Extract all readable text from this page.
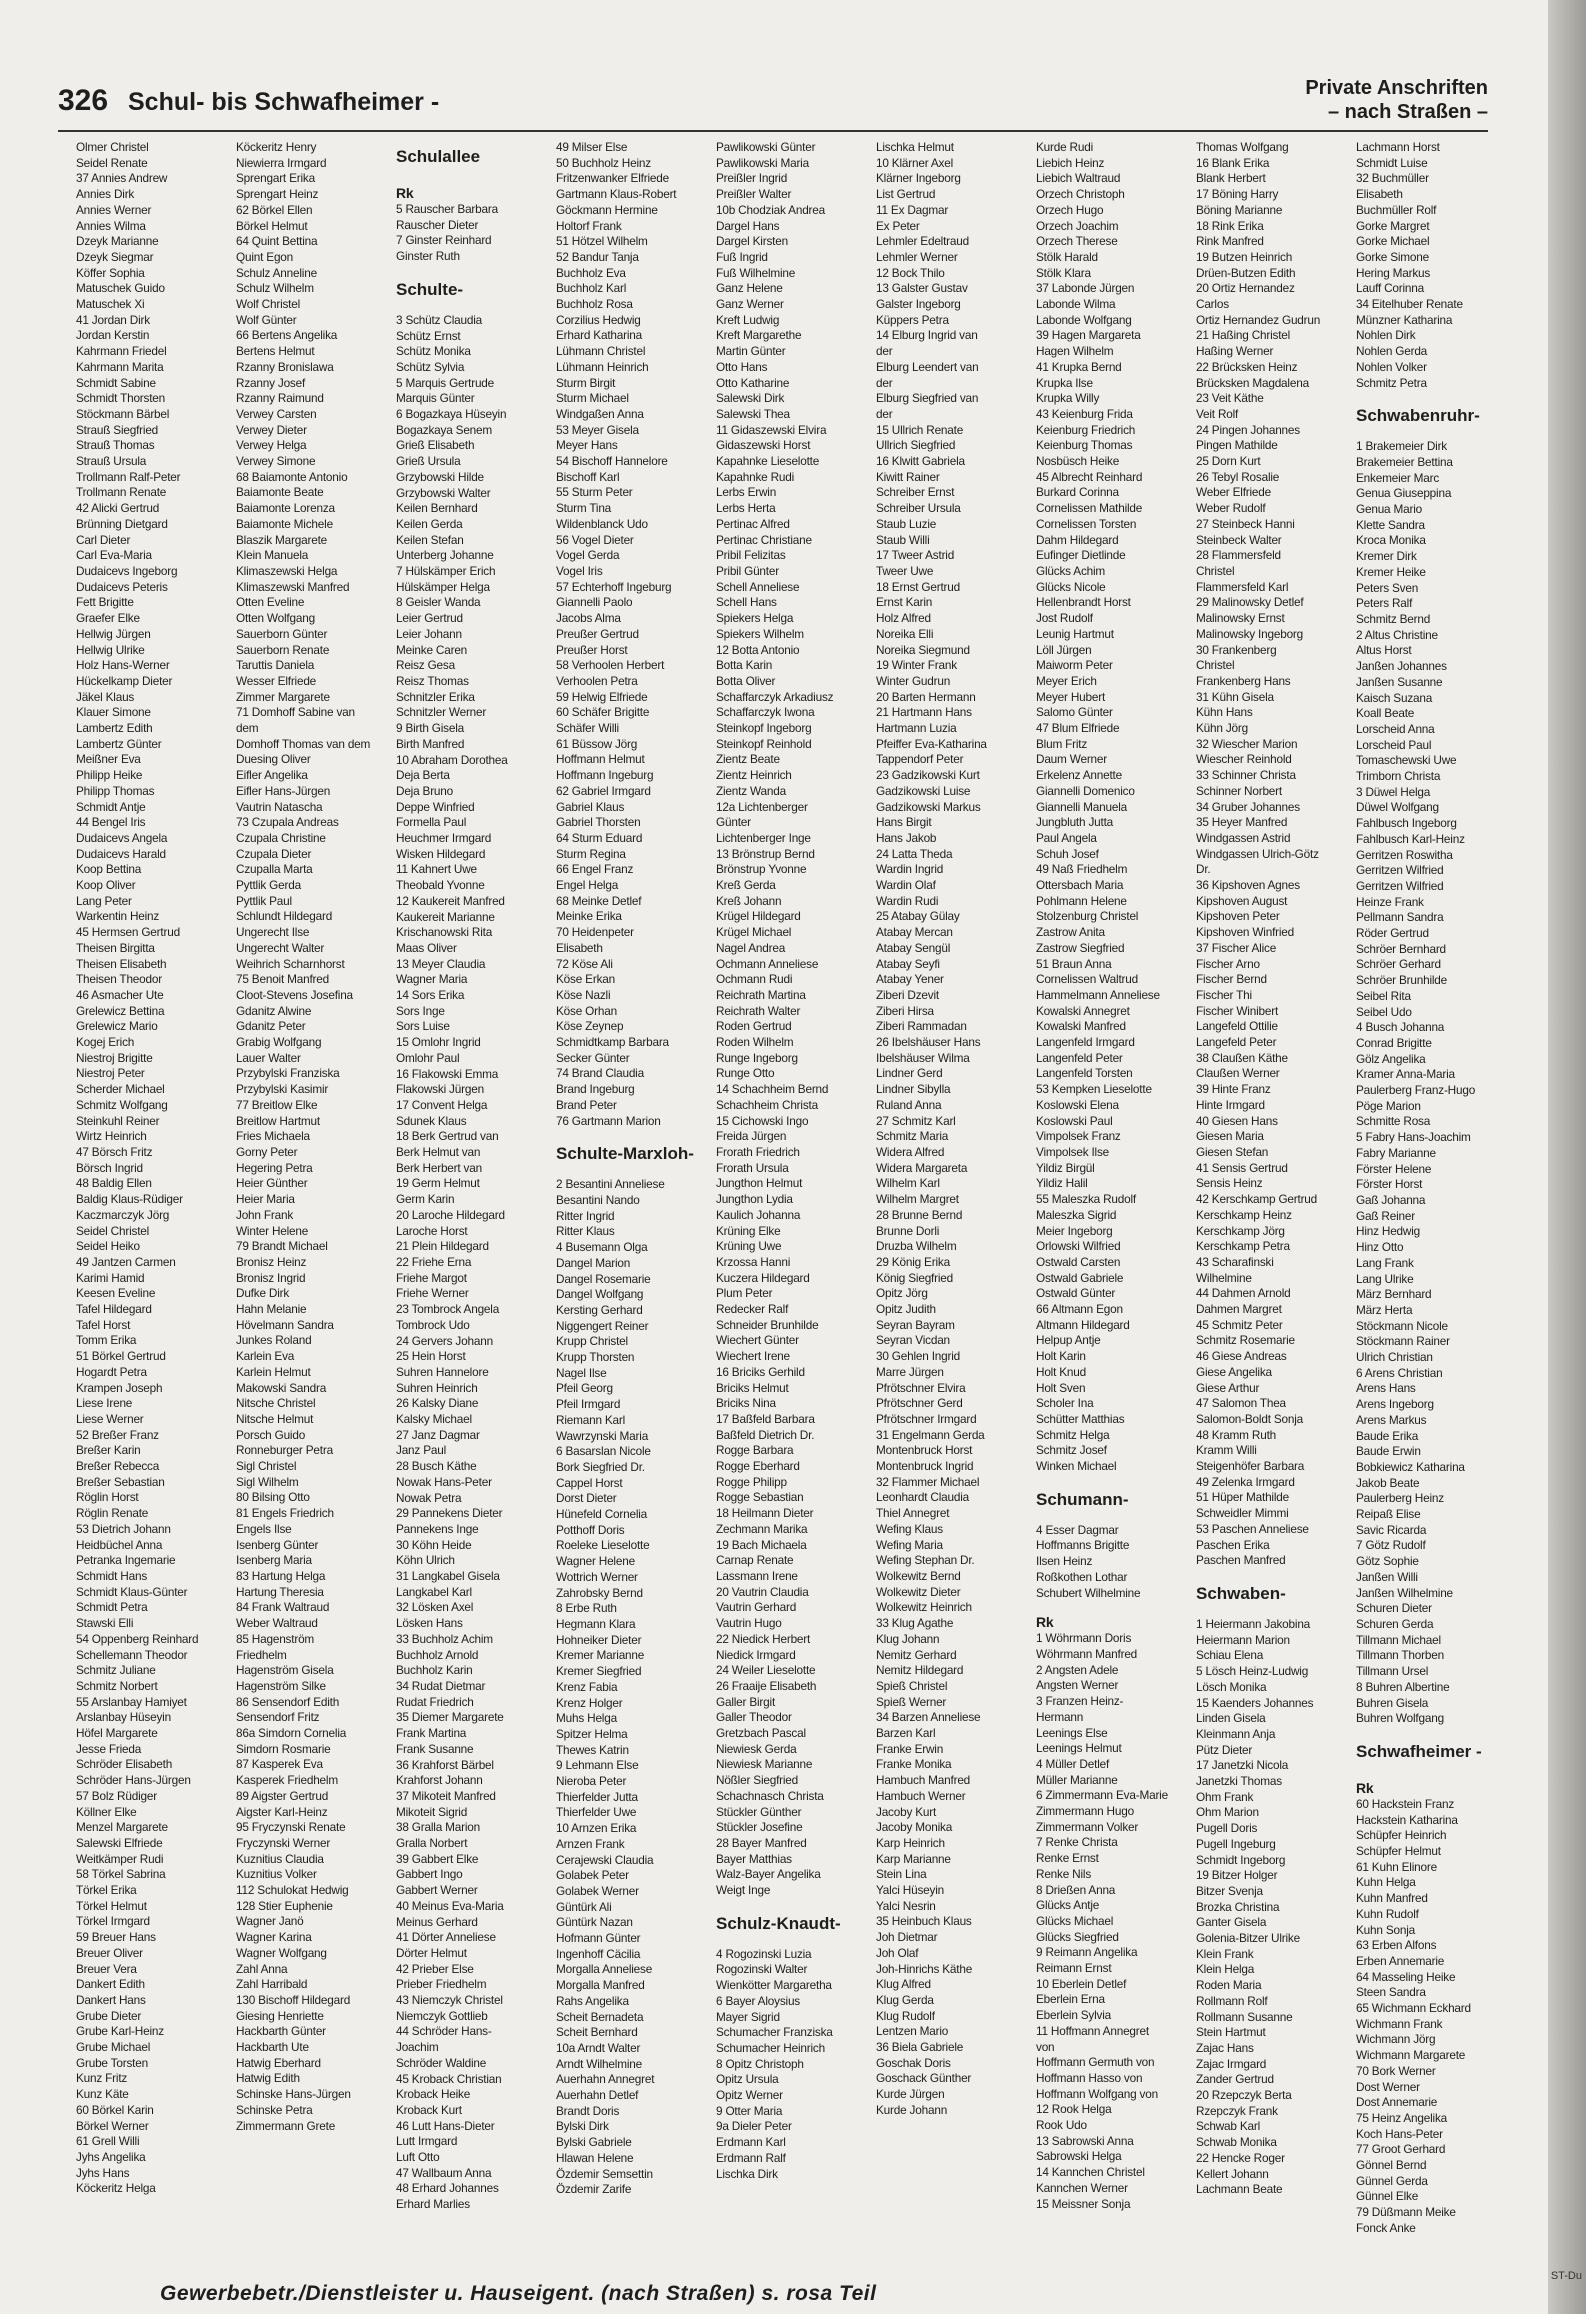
326 Schul- bis Schwafheimer -	Private Anschriften
– nach Straßen –
Olmer Christel
Seidel Renate
37 Annies Andrew
Annies Dirk
Annies Werner
Annies Wilma
Dzeyk Marianne
Dzeyk Siegmar
Köffer Sophia
Matuschek Guido
Matuschek Xi
41 Jordan Dirk
Jordan Kerstin
Kahrmann Friedel
Kahrmann Marita
Schmidt Sabine
Schmidt Thorsten
Stöckmann Bärbel
Strauß Siegfried
Strauß Thomas
Strauß Ursula
Trollmann Ralf-Peter
Trollmann Renate
42 Alicki Gertrud
Brünning Dietgard
Carl Dieter
Carl Eva-Maria
Dudaicevs Ingeborg
Dudaicevs Peteris
Fett Brigitte
Graefer Elke
Hellwig Jürgen
Hellwig Ulrike
Holz Hans-Werner
Hückelkamp Dieter
Jäkel Klaus
Klauer Simone
Lambertz Edith
Lambertz Günter
Meißner Eva
Philipp Heike
Philipp Thomas
Schmidt Antje
44 Bengel Iris
Dudaicevs Angela
Dudaicevs Harald
Koop Bettina
Koop Oliver
Lang Peter
Warkentin Heinz
45 Hermsen Gertrud
Theisen Birgitta
Theisen Elisabeth
Theisen Theodor
46 Asmacher Ute
Grelewicz Bettina
Grelewicz Mario
Kogej Erich
Niestroj Brigitte
Niestroj Peter
Scherder Michael
Schmitz Wolfgang
Steinkuhl Reiner
Wirtz Heinrich
47 Börsch Fritz
Börsch Ingrid
48 Baldig Ellen
Baldig Klaus-Rüdiger
Kaczmarczyk Jörg
Seidel Christel
Seidel Heiko
49 Jantzen Carmen
Karimi Hamid
Keesen Eveline
Tafel Hildegard
Tafel Horst
Tomm Erika
51 Börkel Gertrud
Hogardt Petra
Krampen Joseph
Liese Irene
Liese Werner
52 Breßer Franz
Breßer Karin
Breßer Rebecca
Breßer Sebastian
Röglin Horst
Röglin Renate
53 Dietrich Johann
Heidbüchel Anna
Petranka Ingemarie
Schmidt Hans
Schmidt Klaus-Günter
Schmidt Petra
Stawski Elli
54 Oppenberg Reinhard
Schellemann Theodor
Schmitz Juliane
Schmitz Norbert
55 Arslanbay Hamiyet
Arslanbay Hüseyin
Höfel Margarete
Jesse Frieda
Schröder Elisabeth
Schröder Hans-Jürgen
57 Bolz Rüdiger
Köllner Elke
Menzel Margarete
Salewski Elfriede
Weitkämper Rudi
58 Törkel Sabrina
Törkel Erika
Törkel Helmut
Törkel Irmgard
59 Breuer Hans
Breuer Oliver
Breuer Vera
Dankert Edith
Dankert Hans
Grube Dieter
Grube Karl-Heinz
Grube Michael
Grube Torsten
Kunz Fritz
Kunz Käte
60 Börkel Karin
Börkel Werner
61 Grell Willi
Jyhs Angelika
Jyhs Hans
Köckeritz Helga
Köckeritz Henry
Niewierra Irmgard
Sprengart Erika
Sprengart Heinz
62 Börkel Ellen
Börkel Helmut
64 Quint Bettina
Quint Egon
Schulz Anneline
Schulz Wilhelm
Wolf Christel
Wolf Günter
66 Bertens Angelika
Bertens Helmut
Rzanny Bronislawa
Rzanny Josef
Rzanny Raimund
Verwey Carsten
Verwey Dieter
Verwey Helga
Verwey Simone
68 Baiamonte Antonio
Baiamonte Beate
Baiamonte Lorenza
Baiamonte Michele
Blaszik Margarete
Klein Manuela
Klimaszewski Helga
Klimaszewski Manfred
Otten Eveline
Otten Wolfgang
Sauerborn Günter
Sauerborn Renate
Taruttis Daniela
Wesser Elfriede
Zimmer Margarete
71 Domhoff Sabine van
dem
Domhoff Thomas van dem
Duesing Oliver
Eifler Angelika
Eifler Hans-Jürgen
Vautrin Natascha
73 Czupala Andreas
Czupala Christine
Czupala Dieter
Czupalla Marta
Pyttlik Gerda
Pyttlik Paul
Schlundt Hildegard
Ungerecht Ilse
Ungerecht Walter
Weihrich Scharnhorst
75 Benoit Manfred
Cloot-Stevens Josefina
Gdanitz Alwine
Gdanitz Peter
Grabig Wolfgang
Lauer Walter
Przybylski Franziska
Przybylski Kasimir
77 Breitlow Elke
Breitlow Hartmut
Fries Michaela
Gorny Peter
Hegering Petra
Heier Günther
Heier Maria
John Frank
Winter Helene
79 Brandt Michael
Bronisz Heinz
Bronisz Ingrid
Dufke Dirk
Hahn Melanie
Hövelmann Sandra
Junkes Roland
Karlein Eva
Karlein Helmut
Makowski Sandra
Nitsche Christel
Nitsche Helmut
Porsch Guido
Ronneburger Petra
Sigl Christel
Sigl Wilhelm
80 Bilsing Otto
81 Engels Friedrich
Engels Ilse
Isenberg Günter
Isenberg Maria
83 Hartung Helga
Hartung Theresia
84 Frank Waltraud
Weber Waltraud
85 Hagenström
Friedhelm
Hagenström Gisela
Hagenström Silke
86 Sensendorf Edith
Sensendorf Fritz
86a Simdorn Cornelia
Simdorn Rosmarie
87 Kasperek Eva
Kasperek Friedhelm
89 Aigster Gertrud
Aigster Karl-Heinz
95 Fryczynski Renate
Fryczynski Werner
Kuznitius Claudia
Kuznitius Volker
112 Schulokat Hedwig
128 Stier Euphenie
Wagner Janö
Wagner Karina
Wagner Wolfgang
Zahl Anna
Zahl Harribald
130 Bischoff Hildegard
Giesing Henriette
Hackbarth Günter
Hackbarth Ute
Hatwig Eberhard
Hatwig Edith
Schinske Hans-Jürgen
Schinske Petra
Zimmermann Grete
Schulallee
Rk
5 Rauscher Barbara
Rauscher Dieter
7 Ginster Reinhard
Ginster Ruth
Schulte-
3 Schütz Claudia
Schütz Ernst
Schütz Monika
Schütz Sylvia
5 Marquis Gertrude
Marquis Günter
6 Bogazkaya Hüseyin
Bogazkaya Senem
Grieß Elisabeth
Grieß Ursula
Grzybowski Hilde
Grzybowski Walter
Keilen Bernhard
Keilen Gerda
Keilen Stefan
Unterberg Johanne
7 Hülskämper Erich
Hülskämper Helga
8 Geisler Wanda
Leier Gertrud
Leier Johann
Meinke Caren
Reisz Gesa
Reisz Thomas
Schnitzler Erika
Schnitzler Werner
9 Birth Gisela
Birth Manfred
10 Abraham Dorothea
Deja Berta
Deja Bruno
Deppe Winfried
Formella Paul
Heuchmer Irmgard
Wisken Hildegard
11 Kahnert Uwe
Theobald Yvonne
12 Kaukereit Manfred
Kaukereit Marianne
Krischanowski Rita
Maas Oliver
13 Meyer Claudia
Wagner Maria
14 Sors Erika
Sors Inge
Sors Luise
15 Omlohr Ingrid
Omlohr Paul
16 Flakowski Emma
Flakowski Jürgen
17 Convent Helga
Sdunek Klaus
18 Berk Gertrud van
Berk Helmut van
Berk Herbert van
19 Germ Helmut
Germ Karin
20 Laroche Hildegard
Laroche Horst
21 Plein Hildegard
22 Friehe Erna
Friehe Margot
Friehe Werner
23 Tombrock Angela
Tombrock Udo
24 Gervers Johann
25 Hein Horst
Suhren Hannelore
Suhren Heinrich
26 Kalsky Diane
Kalsky Michael
27 Janz Dagmar
Janz Paul
28 Busch Käthe
Nowak Hans-Peter
Nowak Petra
29 Pannekens Dieter
Pannekens Inge
30 Köhn Heide
Köhn Ulrich
31 Langkabel Gisela
Langkabel Karl
32 Lösken Axel
Lösken Hans
33 Buchholz Achim
Buchholz Arnold
Buchholz Karin
34 Rudat Dietmar
Rudat Friedrich
35 Diemer Margarete
Frank Martina
Frank Susanne
36 Krahforst Bärbel
Krahforst Johann
37 Mikoteit Manfred
Mikoteit Sigrid
38 Gralla Marion
Gralla Norbert
39 Gabbert Elke
Gabbert Ingo
Gabbert Werner
40 Meinus Eva-Maria
Meinus Gerhard
41 Dörter Anneliese
Dörter Helmut
42 Prieber Else
Prieber Friedhelm
43 Niemczyk Christel
Niemczyk Gottlieb
44 Schröder Hans-
Joachim
Schröder Waldine
45 Kroback Christian
Kroback Heike
Kroback Kurt
46 Lutt Hans-Dieter
Lutt Irmgard
Luft Otto
47 Wallbaum Anna
48 Erhard Johannes
Erhard Marlies
49 Milser Else
50 Buchholz Heinz
Fritzenwanker Elfriede
Gartmann Klaus-Robert
Göckmann Hermine
Holtorf Frank
51 Hötzel Wilhelm
52 Bandur Tanja
Buchholz Eva
Buchholz Karl
Buchholz Rosa
Corzilius Hedwig
Erhard Katharina
Lühmann Christel
Lühmann Heinrich
Sturm Birgit
Sturm Michael
Windgaßen Anna
53 Meyer Gisela
Meyer Hans
54 Bischoff Hannelore
Bischoff Karl
55 Sturm Peter
Sturm Tina
Wildenblanck Udo
56 Vogel Dieter
Vogel Gerda
Vogel Iris
57 Echterhoff Ingeburg
Giannelli Paolo
Jacobs Alma
Preußer Gertrud
Preußer Horst
58 Verhoolen Herbert
Verhoolen Petra
59 Helwig Elfriede
60 Schäfer Brigitte
Schäfer Willi
61 Büssow Jörg
Hoffmann Helmut
Hoffmann Ingeburg
62 Gabriel Irmgard
Gabriel Klaus
Gabriel Thorsten
64 Sturm Eduard
Sturm Regina
66 Engel Franz
Engel Helga
68 Meinke Detlef
Meinke Erika
70 Heidenpeter
Elisabeth
72 Köse Ali
Köse Erkan
Köse Nazli
Köse Orhan
Köse Zeynep
Schmidtkamp Barbara
Secker Günter
74 Brand Claudia
Brand Ingeburg
Brand Peter
76 Gartmann Marion
Schulte-Marxloh-
2 Besantini Anneliese
Besantini Nando
Ritter Ingrid
Ritter Klaus
4 Busemann Olga
Dangel Marion
Dangel Rosemarie
Dangel Wolfgang
Kersting Gerhard
Niggengert Reiner
Krupp Christel
Krupp Thorsten
Nagel Ilse
Pfeil Georg
Pfeil Irmgard
Riemann Karl
Wawrzynski Maria
6 Basarslan Nicole
Bork Siegfried Dr.
Cappel Horst
Dorst Dieter
Hünefeld Cornelia
Potthoff Doris
Roeleke Lieselotte
Wagner Helene
Wottrich Werner
Zahrobsky Bernd
8 Erbe Ruth
Hegmann Klara
Hohneiker Dieter
Kremer Marianne
Kremer Siegfried
Krenz Fabia
Krenz Holger
Muhs Helga
Spitzer Helma
Thewes Katrin
9 Lehmann Else
Nieroba Peter
Thierfelder Jutta
Thierfelder Uwe
10 Arnzen Erika
Arnzen Frank
Cerajewski Claudia
Golabek Peter
Golabek Werner
Güntürk Ali
Güntürk Nazan
Hofmann Günter
Ingenhoff Cäcilia
Morgalla Anneliese
Morgalla Manfred
Rahs Angelika
Scheit Bernadeta
Scheit Bernhard
10a Arndt Walter
Arndt Wilhelmine
Auerhahn Annegret
Auerhahn Detlef
Brandt Doris
Bylski Dirk
Bylski Gabriele
Hlawan Helene
Özdemir Semsettin
Özdemir Zarife
Pawlikowski Günter
Pawlikowski Maria
Preißler Ingrid
Preißler Walter
10b Chodziak Andrea
Dargel Hans
Dargel Kirsten
Fuß Ingrid
Fuß Wilhelmine
Ganz Helene
Ganz Werner
Kreft Ludwig
Kreft Margarethe
Martin Günter
Otto Hans
Otto Katharine
Salewski Dirk
Salewski Thea
11 Gidaszewski Elvira
Gidaszewski Horst
Kapahnke Lieselotte
Kapahnke Rudi
Lerbs Erwin
Lerbs Herta
Pertinac Alfred
Pertinac Christiane
Pribil Felizitas
Pribil Günter
Schell Anneliese
Schell Hans
Spiekers Helga
Spiekers Wilhelm
12 Botta Antonio
Botta Karin
Botta Oliver
Schaffarczyk Arkadiusz
Schaffarczyk Iwona
Steinkopf Ingeborg
Steinkopf Reinhold
Zientz Beate
Zientz Heinrich
Zientz Wanda
12a Lichtenberger
Günter
Lichtenberger Inge
13 Brönstrup Bernd
Brönstrup Yvonne
Kreß Gerda
Kreß Johann
Krügel Hildegard
Krügel Michael
Nagel Andrea
Ochmann Anneliese
Ochmann Rudi
Reichrath Martina
Reichrath Walter
Roden Gertrud
Roden Wilhelm
Runge Ingeborg
Runge Otto
14 Schachheim Bernd
Schachheim Christa
15 Cichowski Ingo
Freida Jürgen
Frorath Friedrich
Frorath Ursula
Jungthon Helmut
Jungthon Lydia
Kaulich Johanna
Krüning Elke
Krüning Uwe
Krzossa Hanni
Kuczera Hildegard
Plum Peter
Redecker Ralf
Schneider Brunhilde
Wiechert Günter
Wiechert Irene
16 Briciks Gerhild
Briciks Helmut
Briciks Nina
17 Baßfeld Barbara
Baßfeld Dietrich Dr.
Rogge Barbara
Rogge Eberhard
Rogge Philipp
Rogge Sebastian
18 Heilmann Dieter
Zechmann Marika
19 Bach Michaela
Carnap Renate
Lassmann Irene
20 Vautrin Claudia
Vautrin Gerhard
Vautrin Hugo
22 Niedick Herbert
Niedick Irmgard
24 Weiler Lieselotte
26 Fraaije Elisabeth
Galler Birgit
Galler Theodor
Gretzbach Pascal
Niewiesk Gerda
Niewiesk Marianne
Nößler Siegfried
Schachnasch Christa
Stückler Günther
Stückler Josefine
28 Bayer Manfred
Bayer Matthias
Walz-Bayer Angelika
Weigt Inge
Schulz-Knaudt-
4 Rogozinski Luzia
Rogozinski Walter
Wienkötter Margaretha
6 Bayer Aloysius
Mayer Sigrid
Schumacher Franziska
Schumacher Heinrich
8 Opitz Christoph
Opitz Ursula
Opitz Werner
9 Otter Maria
9a Dieler Peter
Erdmann Karl
Erdmann Ralf
Lischka Dirk
Lischka Helmut
10 Klärner Axel
Klärner Ingeborg
List Gertrud
11 Ex Dagmar
Ex Peter
Lehmler Edeltraud
Lehmler Werner
12 Bock Thilo
13 Galster Gustav
Galster Ingeborg
Küppers Petra
14 Elburg Ingrid van
der
Elburg Leendert van
der
Elburg Siegfried van
der
15 Ullrich Renate
Ullrich Siegfried
16 Klwitt Gabriela
Kiwitt Rainer
Schreiber Ernst
Schreiber Ursula
Staub Luzie
Staub Willi
17 Tweer Astrid
Tweer Uwe
18 Ernst Gertrud
Ernst Karin
Holz Alfred
Noreika Elli
Noreika Siegmund
19 Winter Frank
Winter Gudrun
20 Barten Hermann
21 Hartmann Hans
Hartmann Luzia
Pfeiffer Eva-Katharina
Tappendorf Peter
23 Gadzikowski Kurt
Gadzikowski Luise
Gadzikowski Markus
Hans Birgit
Hans Jakob
24 Latta Theda
Wardin Ingrid
Wardin Olaf
Wardin Rudi
25 Atabay Gülay
Atabay Mercan
Atabay Sengül
Atabay Seyfi
Atabay Yener
Ziberi Dzevit
Ziberi Hirsa
Ziberi Rammadan
26 Ibelshäuser Hans
Ibelshäuser Wilma
Lindner Gerd
Lindner Sibylla
Ruland Anna
27 Schmitz Karl
Schmitz Maria
Widera Alfred
Widera Margareta
Wilhelm Karl
Wilhelm Margret
28 Brunne Bernd
Brunne Dorli
Druzba Wilhelm
29 König Erika
König Siegfried
Opitz Jörg
Opitz Judith
Seyran Bayram
Seyran Vicdan
30 Gehlen Ingrid
Marre Jürgen
Pfrötschner Elvira
Pfrötschner Gerd
Pfrötschner Irmgard
31 Engelmann Gerda
Montenbruck Horst
Montenbruck Ingrid
32 Flammer Michael
Leonhardt Claudia
Thiel Annegret
Wefing Klaus
Wefing Maria
Wefing Stephan Dr.
Wolkewitz Bernd
Wolkewitz Dieter
Wolkewitz Heinrich
33 Klug Agathe
Klug Johann
Nemitz Gerhard
Nemitz Hildegard
Spieß Christel
Spieß Werner
34 Barzen Anneliese
Barzen Karl
Franke Erwin
Franke Monika
Hambuch Manfred
Hambuch Werner
Jacoby Kurt
Jacoby Monika
Karp Heinrich
Karp Marianne
Stein Lina
Yalci Hüseyin
Yalci Nesrin
35 Heinbuch Klaus
Joh Dietmar
Joh Olaf
Joh-Hinrichs Käthe
Klug Alfred
Klug Gerda
Klug Rudolf
Lentzen Mario
36 Biela Gabriele
Goschak Doris
Goschack Günther
Kurde Jürgen
Kurde Johann
Kurde Rudi
Liebich Heinz
Liebich Waltraud
Orzech Christoph
Orzech Hugo
Orzech Joachim
Orzech Therese
Stölk Harald
Stölk Klara
37 Labonde Jürgen
Labonde Wilma
Labonde Wolfgang
39 Hagen Margareta
Hagen Wilhelm
41 Krupka Bernd
Krupka Ilse
Krupka Willy
43 Keienburg Frida
Keienburg Friedrich
Keienburg Thomas
Nosbüsch Heike
45 Albrecht Reinhard
Burkard Corinna
Cornelissen Mathilde
Cornelissen Torsten
Dahm Hildegard
Eufinger Dietlinde
Glücks Achim
Glücks Nicole
Hellenbrandt Horst
Jost Rudolf
Leunig Hartmut
Löll Jürgen
Maiworm Peter
Meyer Erich
Meyer Hubert
Salomo Günter
47 Blum Elfriede
Blum Fritz
Daum Werner
Erkelenz Annette
Giannelli Domenico
Giannelli Manuela
Jungbluth Jutta
Paul Angela
Schuh Josef
49 Naß Friedhelm
Ottersbach Maria
Pohlmann Helene
Stolzenburg Christel
Zastrow Anita
Zastrow Siegfried
51 Braun Anna
Cornelissen Waltrud
Hammelmann Anneliese
Kowalski Annegret
Kowalski Manfred
Langenfeld Irmgard
Langenfeld Peter
Langenfeld Torsten
53 Kempken Lieselotte
Koslowski Elena
Koslowski Paul
Vimpolsek Franz
Vimpolsek Ilse
Yildiz Birgül
Yildiz Halil
55 Maleszka Rudolf
Maleszka Sigrid
Meier Ingeborg
Orlowski Wilfried
Ostwald Carsten
Ostwald Gabriele
Ostwald Günter
66 Altmann Egon
Altmann Hildegard
Helpup Antje
Holt Karin
Holt Knud
Holt Sven
Scholer Ina
Schütter Matthias
Schmitz Helga
Schmitz Josef
Winken Michael
Schumann-
4 Esser Dagmar
Hoffmanns Brigitte
Ilsen Heinz
Roßkothen Lothar
Schubert Wilhelmine
Rk
1 Wöhrmann Doris
Wöhrmann Manfred
2 Angsten Adele
Angsten Werner
3 Franzen Heinz-
Hermann
Leenings Else
Leenings Helmut
4 Müller Detlef
Müller Marianne
6 Zimmermann Eva-Marie
Zimmermann Hugo
Zimmermann Volker
7 Renke Christa
Renke Ernst
Renke Nils
8 Drießen Anna
Glücks Antje
Glücks Michael
Glücks Siegfried
9 Reimann Angelika
Reimann Ernst
10 Eberlein Detlef
Eberlein Erna
Eberlein Sylvia
11 Hoffmann Annegret
von
Hoffmann Germuth von
Hoffmann Hasso von
Hoffmann Wolfgang von
12 Rook Helga
Rook Udo
13 Sabrowski Anna
Sabrowski Helga
14 Kannchen Christel
Kannchen Werner
15 Meissner Sonja
Thomas Wolfgang
16 Blank Erika
Blank Herbert
17 Böning Harry
Böning Marianne
18 Rink Erika
Rink Manfred
19 Butzen Heinrich
Drüen-Butzen Edith
20 Ortiz Hernandez
Carlos
Ortiz Hernandez Gudrun
21 Haßing Christel
Haßing Werner
22 Brücksken Heinz
Brücksken Magdalena
23 Veit Käthe
Veit Rolf
24 Pingen Johannes
Pingen Mathilde
25 Dorn Kurt
26 Tebyl Rosalie
Weber Elfriede
Weber Rudolf
27 Steinbeck Hanni
Steinbeck Walter
28 Flammersfeld
Christel
Flammersfeld Karl
29 Malinowsky Detlef
Malinowsky Ernst
Malinowsky Ingeborg
30 Frankenberg
Christel
Frankenberg Hans
31 Kühn Gisela
Kühn Hans
Kühn Jörg
32 Wiescher Marion
Wiescher Reinhold
33 Schinner Christa
Schinner Norbert
34 Gruber Johannes
35 Heyer Manfred
Windgassen Astrid
Windgassen Ulrich-Götz
Dr.
36 Kipshoven Agnes
Kipshoven August
Kipshoven Peter
Kipshoven Winfried
37 Fischer Alice
Fischer Arno
Fischer Bernd
Fischer Thi
Fischer Winibert
Langefeld Ottilie
Langefeld Peter
38 Claußen Käthe
Claußen Werner
39 Hinte Franz
Hinte Irmgard
40 Giesen Hans
Giesen Maria
Giesen Stefan
41 Sensis Gertrud
Sensis Heinz
42 Kerschkamp Gertrud
Kerschkamp Heinz
Kerschkamp Jörg
Kerschkamp Petra
43 Scharafinski
Wilhelmine
44 Dahmen Arnold
Dahmen Margret
45 Schmitz Peter
Schmitz Rosemarie
46 Giese Andreas
Giese Angelika
Giese Arthur
47 Salomon Thea
Salomon-Boldt Sonja
48 Kramm Ruth
Kramm Willi
Steigenhöfer Barbara
49 Zelenka Irmgard
51 Hüper Mathilde
Schweidler Mimmi
53 Paschen Anneliese
Paschen Erika
Paschen Manfred
Schwaben-
1 Heiermann Jakobina
Heiermann Marion
Schiau Elena
5 Lösch Heinz-Ludwig
Lösch Monika
15 Kaenders Johannes
Linden Gisela
Kleinmann Anja
Pütz Dieter
17 Janetzki Nicola
Janetzki Thomas
Ohm Frank
Ohm Marion
Pugell Doris
Pugell Ingeburg
Schmidt Ingeborg
19 Bitzer Holger
Bitzer Svenja
Brozka Christina
Ganter Gisela
Golenia-Bitzer Ulrike
Klein Frank
Klein Helga
Roden Maria
Rollmann Rolf
Rollmann Susanne
Stein Hartmut
Zajac Hans
Zajac Irmgard
Zander Gertrud
20 Rzepczyk Berta
Rzepczyk Frank
Schwab Karl
Schwab Monika
22 Hencke Roger
Kellert Johann
Lachmann Beate
Lachmann Horst
Schmidt Luise
32 Buchmüller
Elisabeth
Buchmüller Rolf
Gorke Margret
Gorke Michael
Gorke Simone
Hering Markus
Lauff Corinna
34 Eitelhuber Renate
Münzner Katharina
Nohlen Dirk
Nohlen Gerda
Nohlen Volker
Schmitz Petra
Schwabenruhr-
1 Brakemeier Dirk
Brakemeier Bettina
Enkemeier Marc
Genua Giuseppina
Genua Mario
Klette Sandra
Kroca Monika
Kremer Dirk
Kremer Heike
Peters Sven
Peters Ralf
Schmitz Bernd
2 Altus Christine
Altus Horst
Janßen Johannes
Janßen Susanne
Kaisch Suzana
Koall Beate
Lorscheid Anna
Lorscheid Paul
Tomaschewski Uwe
Trimborn Christa
3 Düwel Helga
Düwel Wolfgang
Fahlbusch Ingeborg
Fahlbusch Karl-Heinz
Gerritzen Roswitha
Gerritzen Wilfried
Gerritzen Wilfried
Heinze Frank
Pellmann Sandra
Röder Gertrud
Schröer Bernhard
Schröer Gerhard
Schröer Brunhilde
Seibel Rita
Seibel Udo
4 Busch Johanna
Conrad Brigitte
Gölz Angelika
Kramer Anna-Maria
Paulerberg Franz-Hugo
Pöge Marion
Schmitte Rosa
5 Fabry Hans-Joachim
Fabry Marianne
Förster Helene
Förster Horst
Gaß Johanna
Gaß Reiner
Hinz Hedwig
Hinz Otto
Lang Frank
Lang Ulrike
März Bernhard
März Herta
Stöckmann Nicole
Stöckmann Rainer
Ulrich Christian
6 Arens Christian
Arens Hans
Arens Ingeborg
Arens Markus
Baude Erika
Baude Erwin
Bobkiewicz Katharina
Jakob Beate
Paulerberg Heinz
Reipaß Elise
Savic Ricarda
7 Götz Rudolf
Götz Sophie
Janßen Willi
Janßen Wilhelmine
Schuren Dieter
Schuren Gerda
Tillmann Michael
Tillmann Thorben
Tillmann Ursel
8 Buhren Albertine
Buhren Gisela
Buhren Wolfgang
Schwafheimer -
Rk
60 Hackstein Franz
Hackstein Katharina
Schüpfer Heinrich
Schüpfer Helmut
61 Kuhn Elinore
Kuhn Helga
Kuhn Manfred
Kuhn Rudolf
Kuhn Sonja
63 Erben Alfons
Erben Annemarie
64 Masseling Heike
Steen Sandra
65 Wichmann Eckhard
Wichmann Frank
Wichmann Jörg
Wichmann Margarete
70 Bork Werner
Dost Werner
Dost Annemarie
75 Heinz Angelika
Koch Hans-Peter
77 Groot Gerhard
Gönnel Bernd
Günnel Gerda
Günnel Elke
79 Düßmann Meike
Fonck Anke
Gewerbebetr./Dienstleister u. Hauseigent. (nach Straßen) s. rosa Teil
ST-Du
